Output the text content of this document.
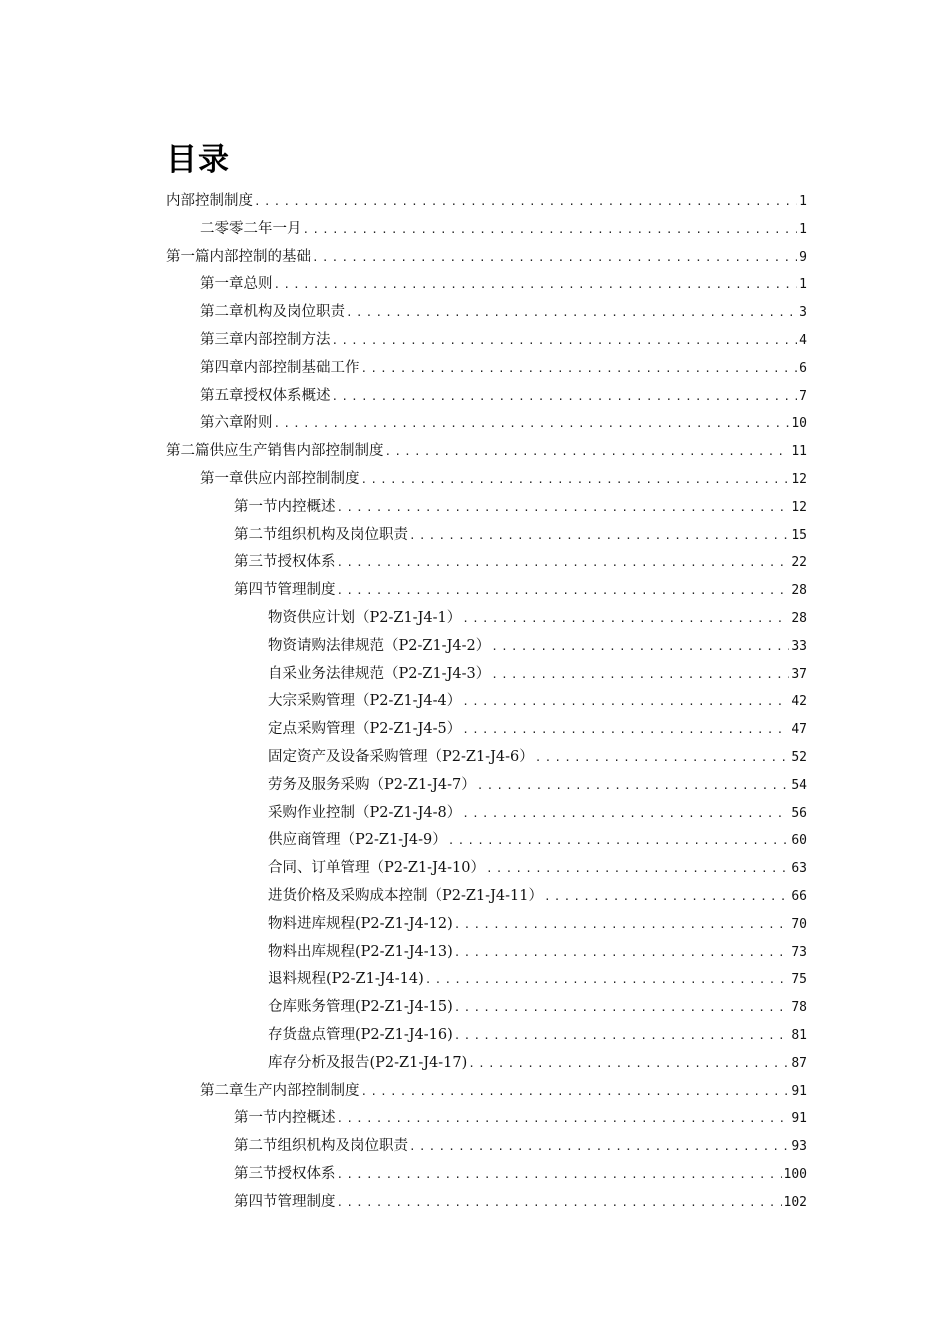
目录
内部控制制度 .....	1
二零零二年一月 .....	1
第一篇内部控制的基础 .....	9
第一章总则 .....	1
第二章机构及岗位职责 .....	3
第三章内部控制方法 .....	4
第四章内部控制基础工作 .....	6
第五章授权体系概述 .....	7
第六章附则 .....	10
第二篇供应生产销售内部控制制度 .....	11
第一章供应内部控制制度 .....	12
第一节内控概述 .....	12
第二节组织机构及岗位职责 .....	15
第三节授权体系 .....	22
第四节管理制度 .....	28
物资供应计划（P2-Z1-J4-1） .....	28
物资请购法律规范（P2-Z1-J4-2） .....	33
自采业务法律规范（P2-Z1-J4-3） .....	37
大宗采购管理（P2-Z1-J4-4） .....	42
定点采购管理（P2-Z1-J4-5） .....	47
固定资产及设备采购管理（P2-Z1-J4-6） .....	52
劳务及服务采购（P2-Z1-J4-7） .....	54
采购作业控制（P2-Z1-J4-8） .....	56
供应商管理（P2-Z1-J4-9） .....	60
合同、订单管理（P2-Z1-J4-10） .....	63
进货价格及采购成本控制（P2-Z1-J4-11） .....	66
物料进库规程(P2-Z1-J4-12) .....	70
物料出库规程(P2-Z1-J4-13) .....	73
退料规程(P2-Z1-J4-14) .....	75
仓库账务管理(P2-Z1-J4-15) .....	78
存货盘点管理(P2-Z1-J4-16) .....	81
库存分析及报告(P2-Z1-J4-17) .....	87
第二章生产内部控制制度 .....	91
第一节内控概述 .....	91
第二节组织机构及岗位职责 .....	93
第三节授权体系 .....	100
第四节管理制度 .....	102
